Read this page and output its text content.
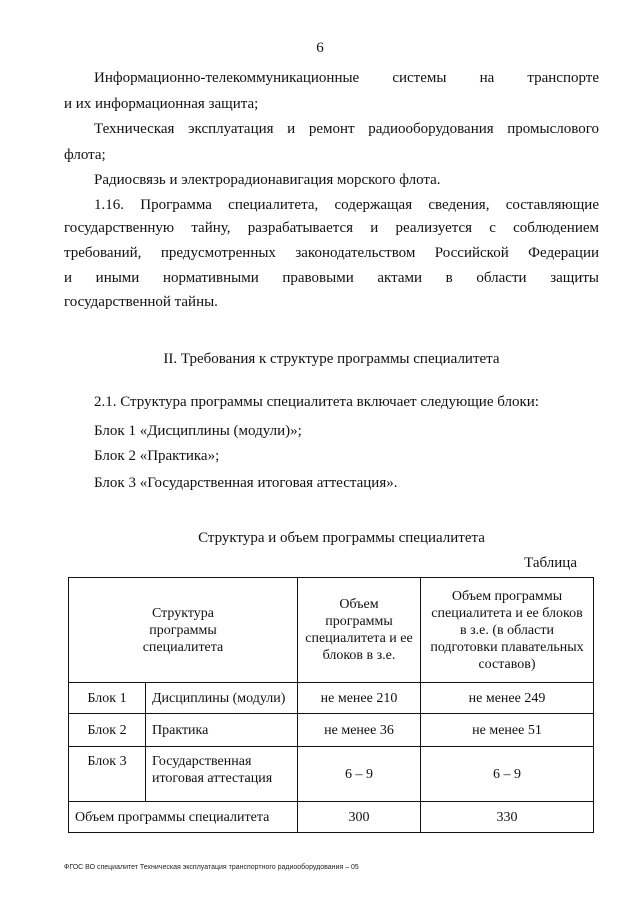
6
Информационно-телекоммуникационные системы на транспорте
и их информационная защита;
Техническая эксплуатация и ремонт радиооборудования промыслового
флота;
Радиосвязь и электрорадионавигация морского флота.
1.16. Программа специалитета, содержащая сведения, составляющие
государственную тайну, разрабатывается и реализуется с соблюдением
требований, предусмотренных законодательством Российской Федерации
и иными нормативными правовыми актами в области защиты
государственной тайны.
II. Требования к структуре программы специалитета
2.1. Структура программы специалитета включает следующие блоки:
Блок 1 «Дисциплины (модули)»;
Блок 2 «Практика»;
Блок 3 «Государственная итоговая аттестация».
Структура и объем программы специалитета
Таблица
Структура программы специалитета		Объем программы специалитета и ее блоков в з.е.	Объем программы специалитета и ее блоков в з.е. (в области подготовки плавательных составов)
Блок 1	Дисциплины (модули)	не менее 210	не менее 249
Блок 2	Практика	не менее 36	не менее 51
Блок 3	Государственная итоговая аттестация	6 – 9	6 – 9
Объем программы специалитета		300	330
ФГОС ВО специалитет Техническая эксплуатация транспортного радиооборудования – 05
